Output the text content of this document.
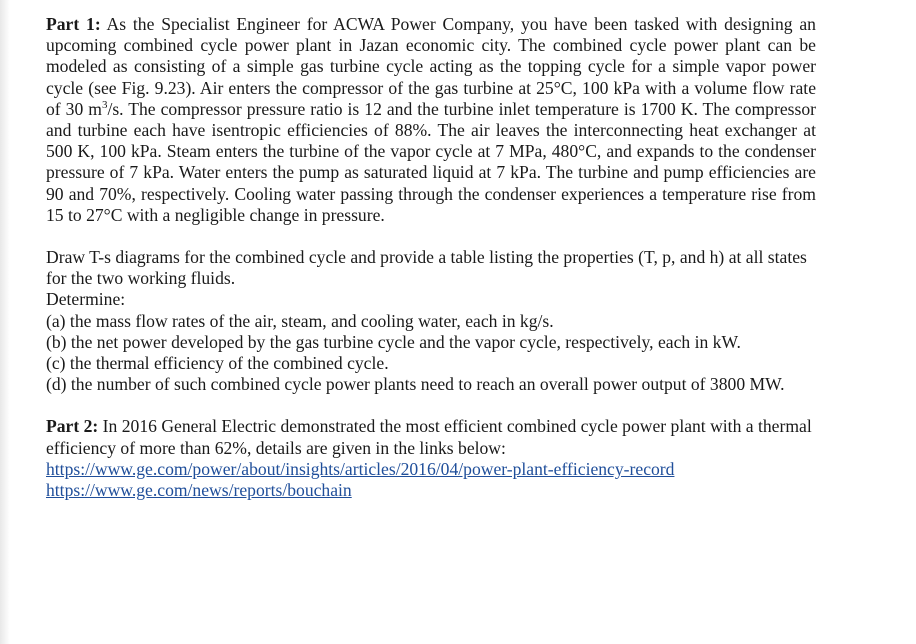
Part 1: As the Specialist Engineer for ACWA Power Company, you have been tasked with designing an upcoming combined cycle power plant in Jazan economic city. The combined cycle power plant can be modeled as consisting of a simple gas turbine cycle acting as the topping cycle for a simple vapor power cycle (see Fig. 9.23). Air enters the compressor of the gas turbine at 25°C, 100 kPa with a volume flow rate of 30 $m^3/s$. The compressor pressure ratio is 12 and the turbine inlet temperature is 1700 K. The compressor and turbine each have isentropic efficiencies of 88%. The air leaves the interconnecting heat exchanger at 500 K, 100 kPa. Steam enters the turbine of the vapor cycle at 7 MPa, 480°C, and expands to the condenser pressure of 7 kPa. Water enters the pump as saturated liquid at 7 kPa. The turbine and pump efficiencies are 90 and 70%, respectively. Cooling water passing through the condenser experiences a temperature rise from 15 to 27°C with a negligible change in pressure.

Draw T-s diagrams for the combined cycle and provide a table listing the properties (T, p, and h) at all states for the two working fluids.

Determine:

(a) the mass flow rates of the air, steam, and cooling water, each in kg/s.

(b) the net power developed by the gas turbine cycle and the vapor cycle, respectively, each in kW.

(c) the thermal efficiency of the combined cycle.

(d) the number of such combined cycle power plants need to reach an overall power output of 3800 MW.

Part 2: In 2016 General Electric demonstrated the most efficient combined cycle power plant with a thermal efficiency of more than 62%, details are given in the links below:

https://www.ge.com/power/about/insights/articles/2016/04/power-plant-efficiency-record
https://www.ge.com/news/reports/bouchain
